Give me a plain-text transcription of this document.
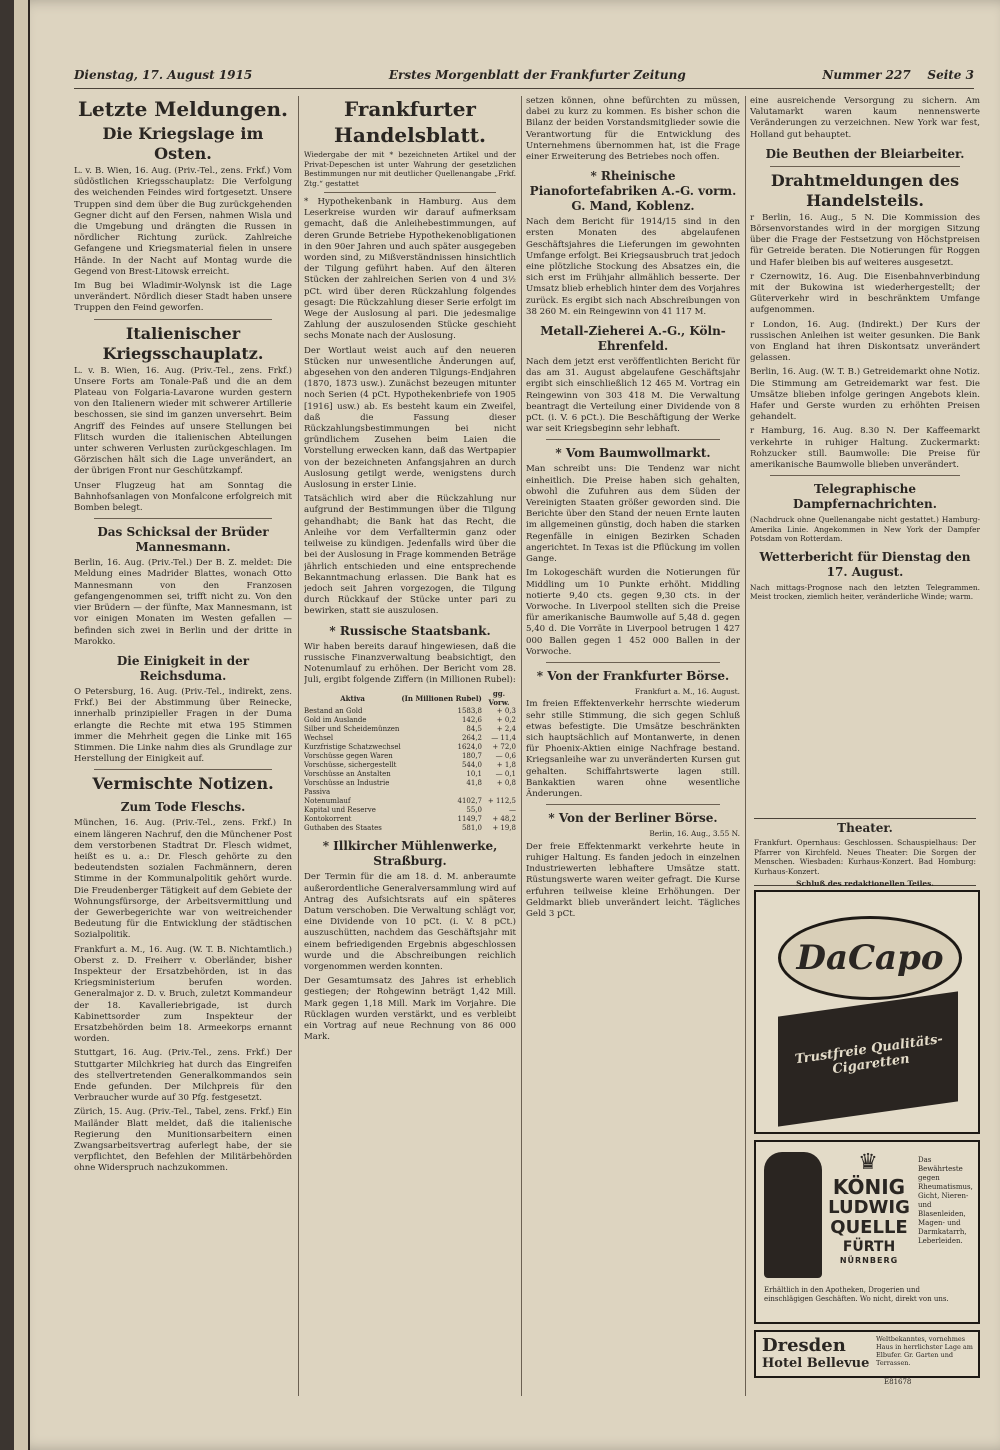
Dienstag, 17. August 1915	Erstes Morgenblatt der Frankfurter Zeitung	Nummer 227 Seite 3
Letzte Meldungen.
Die Kriegslage im Osten.

L. v. B. Wien, 16. Aug. (Priv.-Tel., zens. Frkf.) Vom südöstlichen Kriegsschauplatz: Die Verfolgung des weichenden Feindes wird fortgesetzt. Unsere Truppen sind dem über die Bug zurückgehenden Gegner dicht auf den Fersen, nahmen Wisla und die Umgebung und drängten die Russen in nördlicher Richtung zurück. Zahlreiche Gefangene und Kriegsmaterial fielen in unsere Hände. In der Nacht auf Montag wurde die Gegend von Brest-Litowsk erreicht.

Im Bug bei Wladimir-Wolynsk ist die Lage unverändert. Nördlich dieser Stadt haben unsere Truppen den Feind geworfen.

Italienischer Kriegsschauplatz.

L. v. B. Wien, 16. Aug. (Priv.-Tel., zens. Frkf.) Unsere Forts am Tonale-Paß und die an dem Plateau von Folgaria-Lavarone wurden gestern von den Italienern wieder mit schwerer Artillerie beschossen, sie sind im ganzen unversehrt. Beim Angriff des Feindes auf unsere Stellungen bei Flitsch wurden die italienischen Abteilungen unter schweren Verlusten zurückgeschlagen. Im Görzischen hält sich die Lage unverändert, an der übrigen Front nur Geschützkampf.

Unser Flugzeug hat am Sonntag die Bahnhofsanlagen von Monfalcone erfolgreich mit Bomben belegt.

Das Schicksal der Brüder Mannesmann.

Berlin, 16. Aug. (Priv.-Tel.) Der B. Z. meldet: Die Meldung eines Madrider Blattes, wonach Otto Mannesmann von den Franzosen gefangengenommen sei, trifft nicht zu. Von den vier Brüdern — der fünfte, Max Mannesmann, ist vor einigen Monaten im Westen gefallen — befinden sich zwei in Berlin und der dritte in Marokko.

Die Einigkeit in der Reichsduma.

O Petersburg, 16. Aug. (Priv.-Tel., indirekt, zens. Frkf.) Bei der Abstimmung über Reinecke, innerhalb prinzipieller Fragen in der Duma erlangte die Rechte mit etwa 195 Stimmen immer die Mehrheit gegen die Linke mit 165 Stimmen. Die Linke nahm dies als Grundlage zur Herstellung der Einigkeit auf.

Vermischte Notizen.
Zum Tode Fleschs.

München, 16. Aug. (Priv.-Tel., zens. Frkf.) In einem längeren Nachruf, den die Münchener Post dem verstorbenen Stadtrat Dr. Flesch widmet, heißt es u. a.: Dr. Flesch gehörte zu den bedeutendsten sozialen Fachmännern, deren Stimme in der Kommunalpolitik gehört wurde. Die Freudenberger Tätigkeit auf dem Gebiete der Wohnungsfürsorge, der Arbeitsvermittlung und der Gewerbegerichte war von weitreichender Bedeutung für die Entwicklung der städtischen Sozialpolitik.

Frankfurt a. M., 16. Aug. (W. T. B. Nichtamtlich.) Oberst z. D. Freiherr v. Oberländer, bisher Inspekteur der Ersatzbehörden, ist in das Kriegsministerium berufen worden. Generalmajor z. D. v. Bruch, zuletzt Kommandeur der 18. Kavalleriebrigade, ist durch Kabinettsorder zum Inspekteur der Ersatzbehörden beim 18. Armeekorps ernannt worden.

Stuttgart, 16. Aug. (Priv.-Tel., zens. Frkf.) Der Stuttgarter Milchkrieg hat durch das Eingreifen des stellvertretenden Generalkommandos sein Ende gefunden. Der Milchpreis für den Verbraucher wurde auf 30 Pfg. festgesetzt.

Zürich, 15. Aug. (Priv.-Tel., Tabel, zens. Frkf.) Ein Mailänder Blatt meldet, daß die italienische Regierung den Munitionsarbeitern einen Zwangsarbeitsvertrag auferlegt habe, der sie verpflichtet, den Befehlen der Militärbehörden ohne Widerspruch nachzukommen.

Frankfurter Handelsblatt.

Wiedergabe der mit * bezeichneten Artikel und der Privat-Depeschen ist unter Wahrung der gesetzlichen Bestimmungen nur mit deutlicher Quellenangabe „Frkf. Ztg.“ gestattet

* Hypothekenbank in Hamburg. Aus dem Leserkreise wurden wir darauf aufmerksam gemacht, daß die Anleihebestimmungen, auf deren Grunde Betriebe Hypothekenobligationen in den 90er Jahren und auch später ausgegeben worden sind, zu Mißverständnissen hinsichtlich der Tilgung geführt haben. Auf den älteren Stücken der zahlreichen Serien von 4 und 3½ pCt. wird über deren Rückzahlung folgendes gesagt: Die Rückzahlung dieser Serie erfolgt im Wege der Auslosung al pari. Die jedesmalige Zahlung der auszulosenden Stücke geschieht sechs Monate nach der Auslosung.

Der Wortlaut weist auch auf den neueren Stücken nur unwesentliche Änderungen auf, abgesehen von den anderen Tilgungs-Endjahren (1870, 1873 usw.). Zunächst bezeugen mitunter noch Serien (4 pCt. Hypothekenbriefe von 1905 [1916] usw.) ab. Es besteht kaum ein Zweifel, daß die Fassung dieser Rückzahlungsbestimmungen bei nicht gründlichem Zusehen beim Laien die Vorstellung erwecken kann, daß das Wertpapier von der bezeichneten Anfangsjahren an durch Auslosung getilgt werde, wenigstens durch Auslosung in erster Linie.

Tatsächlich wird aber die Rückzahlung nur aufgrund der Bestimmungen über die Tilgung gehandhabt; die Bank hat das Recht, die Anleihe vor dem Verfalltermin ganz oder teilweise zu kündigen. Jedenfalls wird über die bei der Auslosung in Frage kommenden Beträge jährlich entschieden und eine entsprechende Bekanntmachung erlassen. Die Bank hat es jedoch seit Jahren vorgezogen, die Tilgung durch Rückkauf der Stücke unter pari zu bewirken, statt sie auszulosen.

* Russische Staatsbank.

Wir haben bereits darauf hingewiesen, daß die russische Finanzverwaltung beabsichtigt, den Notenumlauf zu erhöhen. Der Bericht vom 28. Juli, ergibt folgende Ziffern (in Millionen Rubel):

Aktiva	(In Millionen Rubel)	gg. Vorw.
Bestand an Gold	1583,8	+ 0,3
Gold im Auslande	142,6	+ 0,2
Silber und Scheidemünzen	84,5	+ 2,4
Wechsel	264,2	— 11,4
Kurzfristige Schatzwechsel	1624,0	+ 72,0
Vorschüsse gegen Waren	180,7	— 0,6
Vorschüsse, sichergestellt	544,0	+ 1,8
Vorschüsse an Anstalten	10,1	— 0,1
Vorschüsse an Industrie	41,8	+ 0,8
Passiva		
Notenumlauf	4102,7	+ 112,5
Kapital und Reserve	55,0	—
Kontokorrent	1149,7	+ 48,2
Guthaben des Staates	581,0	+ 19,8
* Illkircher Mühlenwerke, Straßburg.

Der Termin für die am 18. d. M. anberaumte außerordentliche Generalversammlung wird auf Antrag des Aufsichtsrats auf ein späteres Datum verschoben. Die Verwaltung schlägt vor, eine Dividende von 10 pCt. (i. V. 8 pCt.) auszuschütten, nachdem das Geschäftsjahr mit einem befriedigenden Ergebnis abgeschlossen wurde und die Abschreibungen reichlich vorgenommen werden konnten.

Der Gesamtumsatz des Jahres ist erheblich gestiegen; der Rohgewinn beträgt 1,42 Mill. Mark gegen 1,18 Mill. Mark im Vorjahre. Die Rücklagen wurden verstärkt, und es verbleibt ein Vortrag auf neue Rechnung von 86 000 Mark.

setzen können, ohne befürchten zu müssen, dabei zu kurz zu kommen. Es bisher schon die Bilanz der beiden Vorstandsmitglieder sowie die Verantwortung für die Entwicklung des Unternehmens übernommen hat, ist die Frage einer Erweiterung des Betriebes noch offen.

* Rheinische Pianofortefabriken A.-G. vorm. G. Mand, Koblenz.

Nach dem Bericht für 1914/15 sind in den ersten Monaten des abgelaufenen Geschäftsjahres die Lieferungen im gewohnten Umfange erfolgt. Bei Kriegsausbruch trat jedoch eine plötzliche Stockung des Absatzes ein, die sich erst im Frühjahr allmählich besserte. Der Umsatz blieb erheblich hinter dem des Vorjahres zurück. Es ergibt sich nach Abschreibungen von 38 260 M. ein Reingewinn von 41 117 M.

Metall-Zieherei A.-G., Köln-Ehrenfeld.

Nach dem jetzt erst veröffentlichten Bericht für das am 31. August abgelaufene Geschäftsjahr ergibt sich einschließlich 12 465 M. Vortrag ein Reingewinn von 303 418 M. Die Verwaltung beantragt die Verteilung einer Dividende von 8 pCt. (i. V. 6 pCt.). Die Beschäftigung der Werke war seit Kriegsbeginn sehr lebhaft.

* Vom Baumwollmarkt.

Man schreibt uns: Die Tendenz war nicht einheitlich. Die Preise haben sich gehalten, obwohl die Zufuhren aus dem Süden der Vereinigten Staaten größer geworden sind. Die Berichte über den Stand der neuen Ernte lauten im allgemeinen günstig, doch haben die starken Regenfälle in einigen Bezirken Schaden angerichtet. In Texas ist die Pflückung im vollen Gange.

Im Lokogeschäft wurden die Notierungen für Middling um 10 Punkte erhöht. Middling notierte 9,40 cts. gegen 9,30 cts. in der Vorwoche. In Liverpool stellten sich die Preise für amerikanische Baumwolle auf 5,48 d. gegen 5,40 d. Die Vorräte in Liverpool betrugen 1 427 000 Ballen gegen 1 452 000 Ballen in der Vorwoche.

* Von der Frankfurter Börse.

Frankfurt a. M., 16. August.

Im freien Effektenverkehr herrschte wiederum sehr stille Stimmung, die sich gegen Schluß etwas befestigte. Die Umsätze beschränkten sich hauptsächlich auf Montanwerte, in denen für Phoenix-Aktien einige Nachfrage bestand. Kriegsanleihe war zu unveränderten Kursen gut gehalten. Schiffahrtswerte lagen still. Bankaktien waren ohne wesentliche Änderungen.

* Von der Berliner Börse.

Berlin, 16. Aug., 3.55 N.

Der freie Effektenmarkt verkehrte heute in ruhiger Haltung. Es fanden jedoch in einzelnen Industriewerten lebhaftere Umsätze statt. Rüstungswerte waren weiter gefragt. Die Kurse erfuhren teilweise kleine Erhöhungen. Der Geldmarkt blieb unverändert leicht. Tägliches Geld 3 pCt.

eine ausreichende Versorgung zu sichern. Am Valutamarkt waren kaum nennenswerte Veränderungen zu verzeichnen. New York war fest, Holland gut behauptet.

Die Beuthen der Bleiarbeiter.
Drahtmeldungen des Handelsteils.

r Berlin, 16. Aug., 5 N. Die Kommission des Börsenvorstandes wird in der morgigen Sitzung über die Frage der Festsetzung von Höchstpreisen für Getreide beraten. Die Notierungen für Roggen und Hafer bleiben bis auf weiteres ausgesetzt.

r Czernowitz, 16. Aug. Die Eisenbahnverbindung mit der Bukowina ist wiederhergestellt; der Güterverkehr wird in beschränktem Umfange aufgenommen.

r London, 16. Aug. (Indirekt.) Der Kurs der russischen Anleihen ist weiter gesunken. Die Bank von England hat ihren Diskontsatz unverändert gelassen.

Berlin, 16. Aug. (W. T. B.) Getreidemarkt ohne Notiz. Die Stimmung am Getreidemarkt war fest. Die Umsätze blieben infolge geringen Angebots klein. Hafer und Gerste wurden zu erhöhten Preisen gehandelt.

r Hamburg, 16. Aug. 8.30 N. Der Kaffeemarkt verkehrte in ruhiger Haltung. Zuckermarkt: Rohzucker still. Baumwolle: Die Preise für amerikanische Baumwolle blieben unverändert.

Telegraphische Dampfernachrichten.

(Nachdruck ohne Quellenangabe nicht gestattet.) Hamburg-Amerika Linie. Angekommen in New York der Dampfer Potsdam von Rotterdam.

Wetterbericht für Dienstag den 17. August.

Nach mittags-Prognose nach den letzten Telegrammen. Meist trocken, ziemlich heiter, veränderliche Winde; warm.

Theater.

Frankfurt. Opernhaus: Geschlossen. Schauspielhaus: Der Pfarrer von Kirchfeld. Neues Theater: Die Sorgen der Menschen. Wiesbaden: Kurhaus-Konzert. Bad Homburg: Kurhaus-Konzert.

Schluß des redaktionellen Teiles.

DaCapo
Trustfreie Qualitäts-Cigaretten
♛
KÖNIG
LUDWIG
QUELLE
FÜRTH
NÜRNBERG
Das Bewährteste gegen Rheumatismus, Gicht, Nieren- und Blasenleiden, Magen- und Darmkatarrh, Leberleiden.
Erhältlich in den Apotheken, Drogerien und einschlägigen Geschäften. Wo nicht, direkt von uns.
Dresden
Hotel Bellevue
Weltbekanntes, vornehmes Haus in herrlichster Lage am Elbufer. Gr. Garten und Terrassen.
E81678
